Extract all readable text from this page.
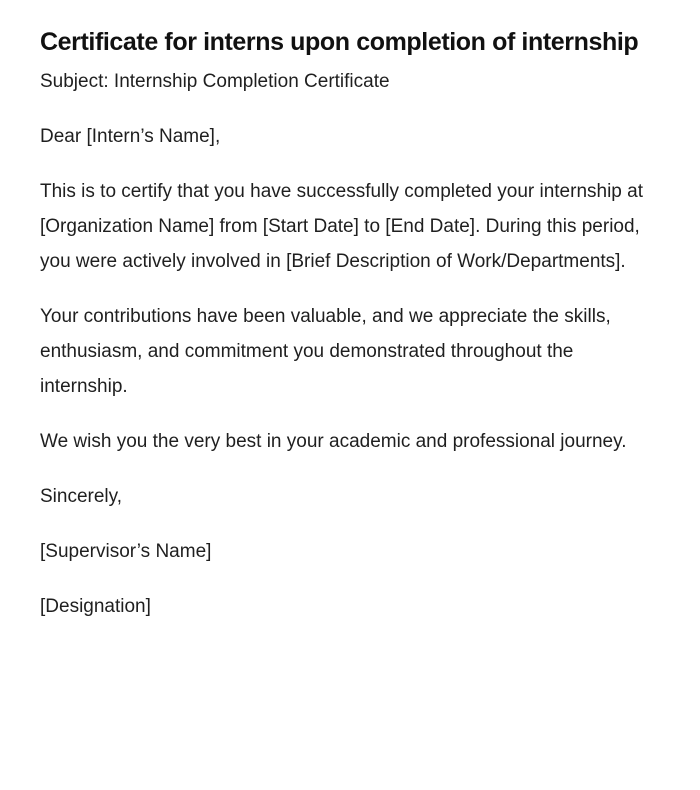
Certificate for interns upon completion of internship

Subject: Internship Completion Certificate

Dear [Intern’s Name],

This is to certify that you have successfully completed your internship at [Organization Name] from [Start Date] to [End Date]. During this period, you were actively involved in [Brief Description of Work/Departments].

Your contributions have been valuable, and we appreciate the skills, enthusiasm, and commitment you demonstrated throughout the internship.

We wish you the very best in your academic and professional journey.

Sincerely,

[Supervisor’s Name]

[Designation]
